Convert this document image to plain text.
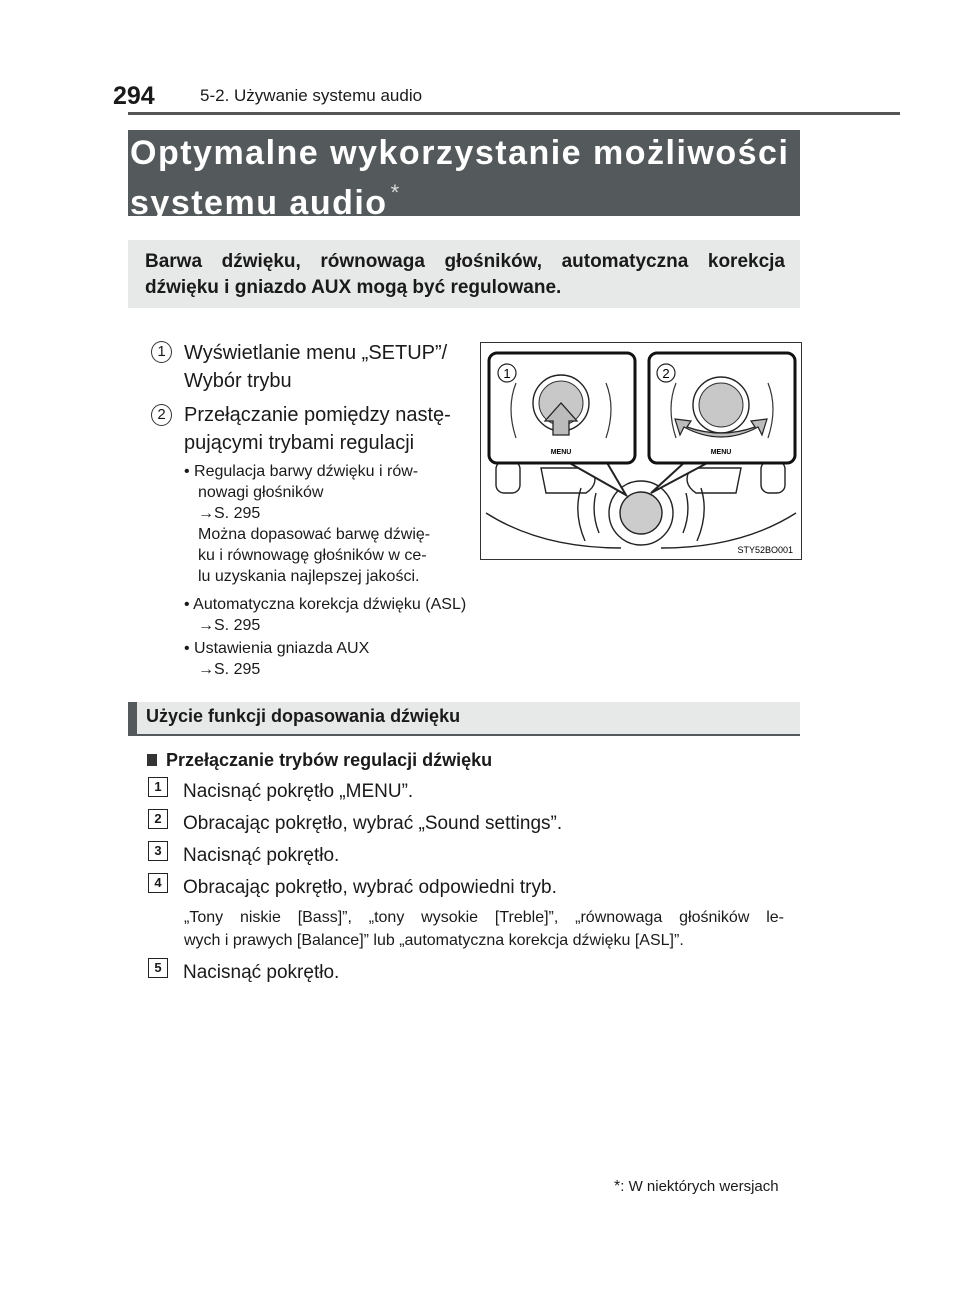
294	5-2. Używanie systemu audio
Optymalne wykorzystanie możliwości
systemu audio *
Barwa dźwięku, równowaga głośników, automatyczna korekcja
dźwięku i gniazdo AUX mogą być regulowane.
1 Wyświetlanie menu „SETUP”/
Wybór trybu
2 Przełączanie pomiędzy nastę-
pującymi trybami regulacji
• Regulacja barwy dźwięku i rów-
nowagi głośników
→S. 295
Można dopasować barwę dźwię-
ku i równowagę głośników w ce-
lu uzyskania najlepszej jakości.
• Automatyczna korekcja dźwięku (ASL)
→S. 295
• Ustawienia gniazda AUX
→S. 295
1	2
MENU	MENU
STY52BO001
Użycie funkcji dopasowania dźwięku
Przełączanie trybów regulacji dźwięku
1	Nacisnąć pokrętło „MENU”.
2	Obracając pokrętło, wybrać „Sound settings”.
3	Nacisnąć pokrętło.
4	Obracając pokrętło, wybrać odpowiedni tryb.
„Tony niskie [Bass]”, „tony wysokie [Treble]”, „równowaga głośników le-
wych i prawych [Balance]” lub „automatyczna korekcja dźwięku [ASL]”.
5	Nacisnąć pokrętło.
*: W niektórych wersjach
